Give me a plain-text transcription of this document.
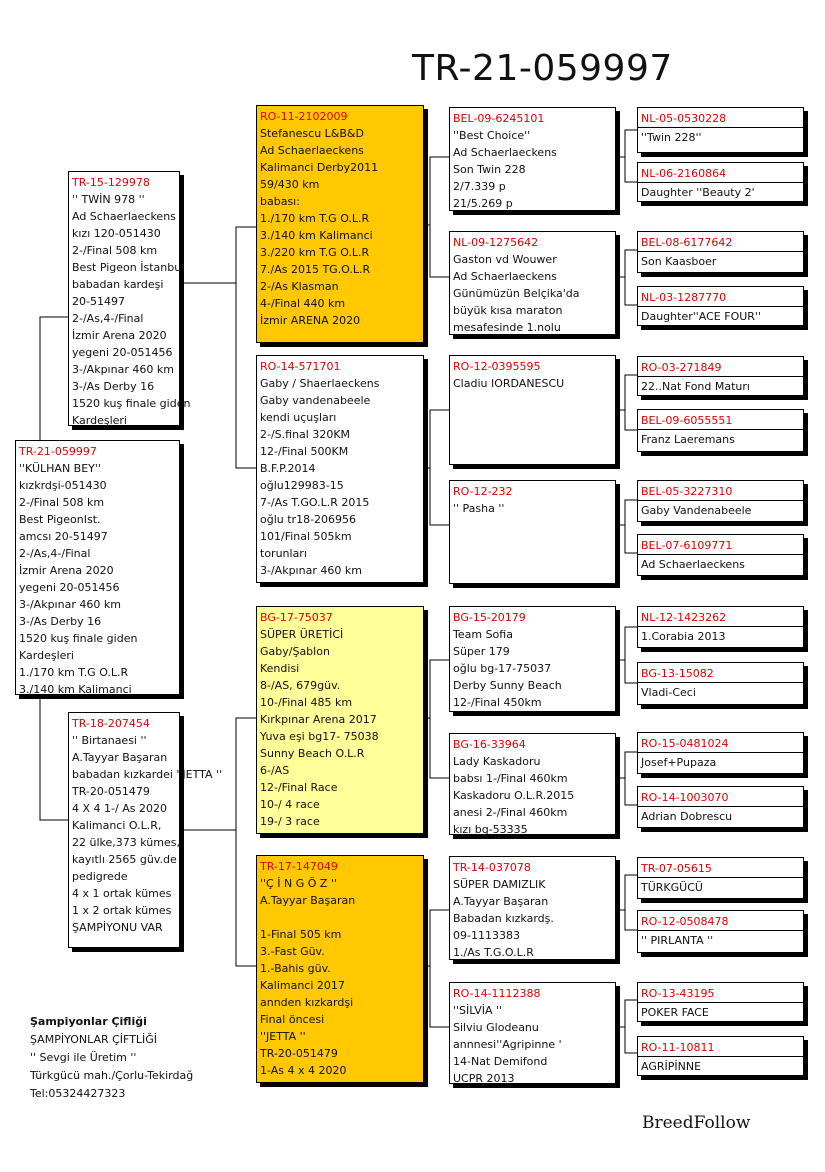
TR-21-059997
TR-21-059997
''KÜLHAN BEY''
kızkrdşi-051430
2-/Final 508 km
Best PigeonIst.
amcsı 20-51497
2-/As,4-/Final
İzmir Arena 2020
yegeni 20-051456
3-/Akpınar 460 km
3-/As Derby 16
1520 kuş finale giden
Kardeşleri
1./170 km T.G O.L.R
3./140 km Kalimanci
TR-15-129978
'' TWİN 978 ''
Ad Schaerlaeckens
kızı 120-051430
2-/Final 508 km
Best Pigeon İstanbul
babadan kardeşi
20-51497
2-/As,4-/Final
İzmir Arena 2020
yegeni 20-051456
3-/Akpınar 460 km
3-/As Derby 16
1520 kuş finale giden
Kardeşleri
TR-18-207454
'' Birtanaesi ''
A.Tayyar Başaran
babadan kızkardei ''JETTA ''
TR-20-051479
4 X 4 1-/ As 2020
Kalimanci O.L.R,
22 ülke,373 kümes,
kayıtlı 2565 güv.de
pedigrede
4 x 1 ortak kümes
1 x 2 ortak kümes
ŞAMPİYONU VAR
RO-11-2102009
Stefanescu L&B&D
Ad Schaerlaeckens
Kalimanci Derby2011
59/430 km
babası:
1./170 km T.G O.L.R
3./140 km Kalimanci
3./220 km T.G O.L.R
7./As 2015 TG.O.L.R
2-/As Klasman
4-/Final 440 km
İzmir ARENA 2020
RO-14-571701
Gaby / Shaerlaeckens
Gaby vandenabeele
kendi uçuşları
2-/S.final 320KM
12-/Final 500KM
B.F.P.2014
oğlu129983-15
7-/As T.GO.L.R 2015
oğlu tr18-206956
101/Final 505km
torunları
3-/Akpınar 460 km
BG-17-75037
SÜPER ÜRETİCİ
Gaby/Şablon
Kendisi
8-/AS, 679güv.
10-/Final 485 km
Kırkpınar Arena 2017
Yuva eşi bg17- 75038
Sunny Beach O.L.R
6-/AS
12-/Final Race
10-/ 4 race
19-/ 3 race
TR-17-147049
''Ç İ N G Ö Z ''
A.Tayyar Başaran

1-Final 505 km
3.-Fast Güv.
1.-Bahis güv.
Kalimanci 2017
annden kızkardşi
Final öncesi
''JETTA ''
TR-20-051479
1-As 4 x 4 2020
BEL-09-6245101
''Best Choice''
Ad Schaerlaeckens
Son Twin 228
2/7.339 p
21/5.269 p
NL-09-1275642
Gaston vd Wouwer
Ad Schaerlaeckens
Günümüzün Belçika'da
büyük kısa maraton
mesafesinde 1.nolu
RO-12-0395595
Cladiu IORDANESCU
RO-12-232
'' Pasha ''
BG-15-20179
Team Sofia
Süper 179
oğlu bg-17-75037
Derby Sunny Beach
12-/Final 450km
BG-16-33964
Lady Kaskadoru
babsı 1-/Final 460km
Kaskadoru O.L.R.2015
anesi 2-/Final 460km
kızı bg-53335
TR-14-037078
SÜPER DAMIZLIK
A.Tayyar Başaran
Babadan kızkardş.
09-1113383
1./As T.G.O.L.R
RO-14-1112388
''SİLVİA ''
Silviu Glodeanu
annnesi''Agripinne '
14-Nat Demifond
UCPR 2013
NL-05-0530228
''Twin 228''
NL-06-2160864
Daughter ''Beauty 2'
BEL-08-6177642
Son Kaasboer
NL-03-1287770
Daughter''ACE FOUR''
RO-03-271849
22..Nat Fond Maturı
BEL-09-6055551
Franz Laeremans
BEL-05-3227310
Gaby Vandenabeele
BEL-07-6109771
Ad Schaerlaeckens
NL-12-1423262
1.Corabia 2013
BG-13-15082
Vladi-Ceci
RO-15-0481024
Josef+Pupaza
RO-14-1003070
Adrian Dobrescu
TR-07-05615
TÜRKGÜCÜ
RO-12-0508478
'' PIRLANTA ''
RO-13-43195
POKER FACE
RO-11-10811
AGRİPİNNE
Şampiyonlar Çifliği
ŞAMPİYONLAR ÇİFTLİĞİ
'' Sevgi ile Üretim ''
Türkgücü mah./Çorlu-Tekirdağ
Tel:05324427323
BreedFollow
